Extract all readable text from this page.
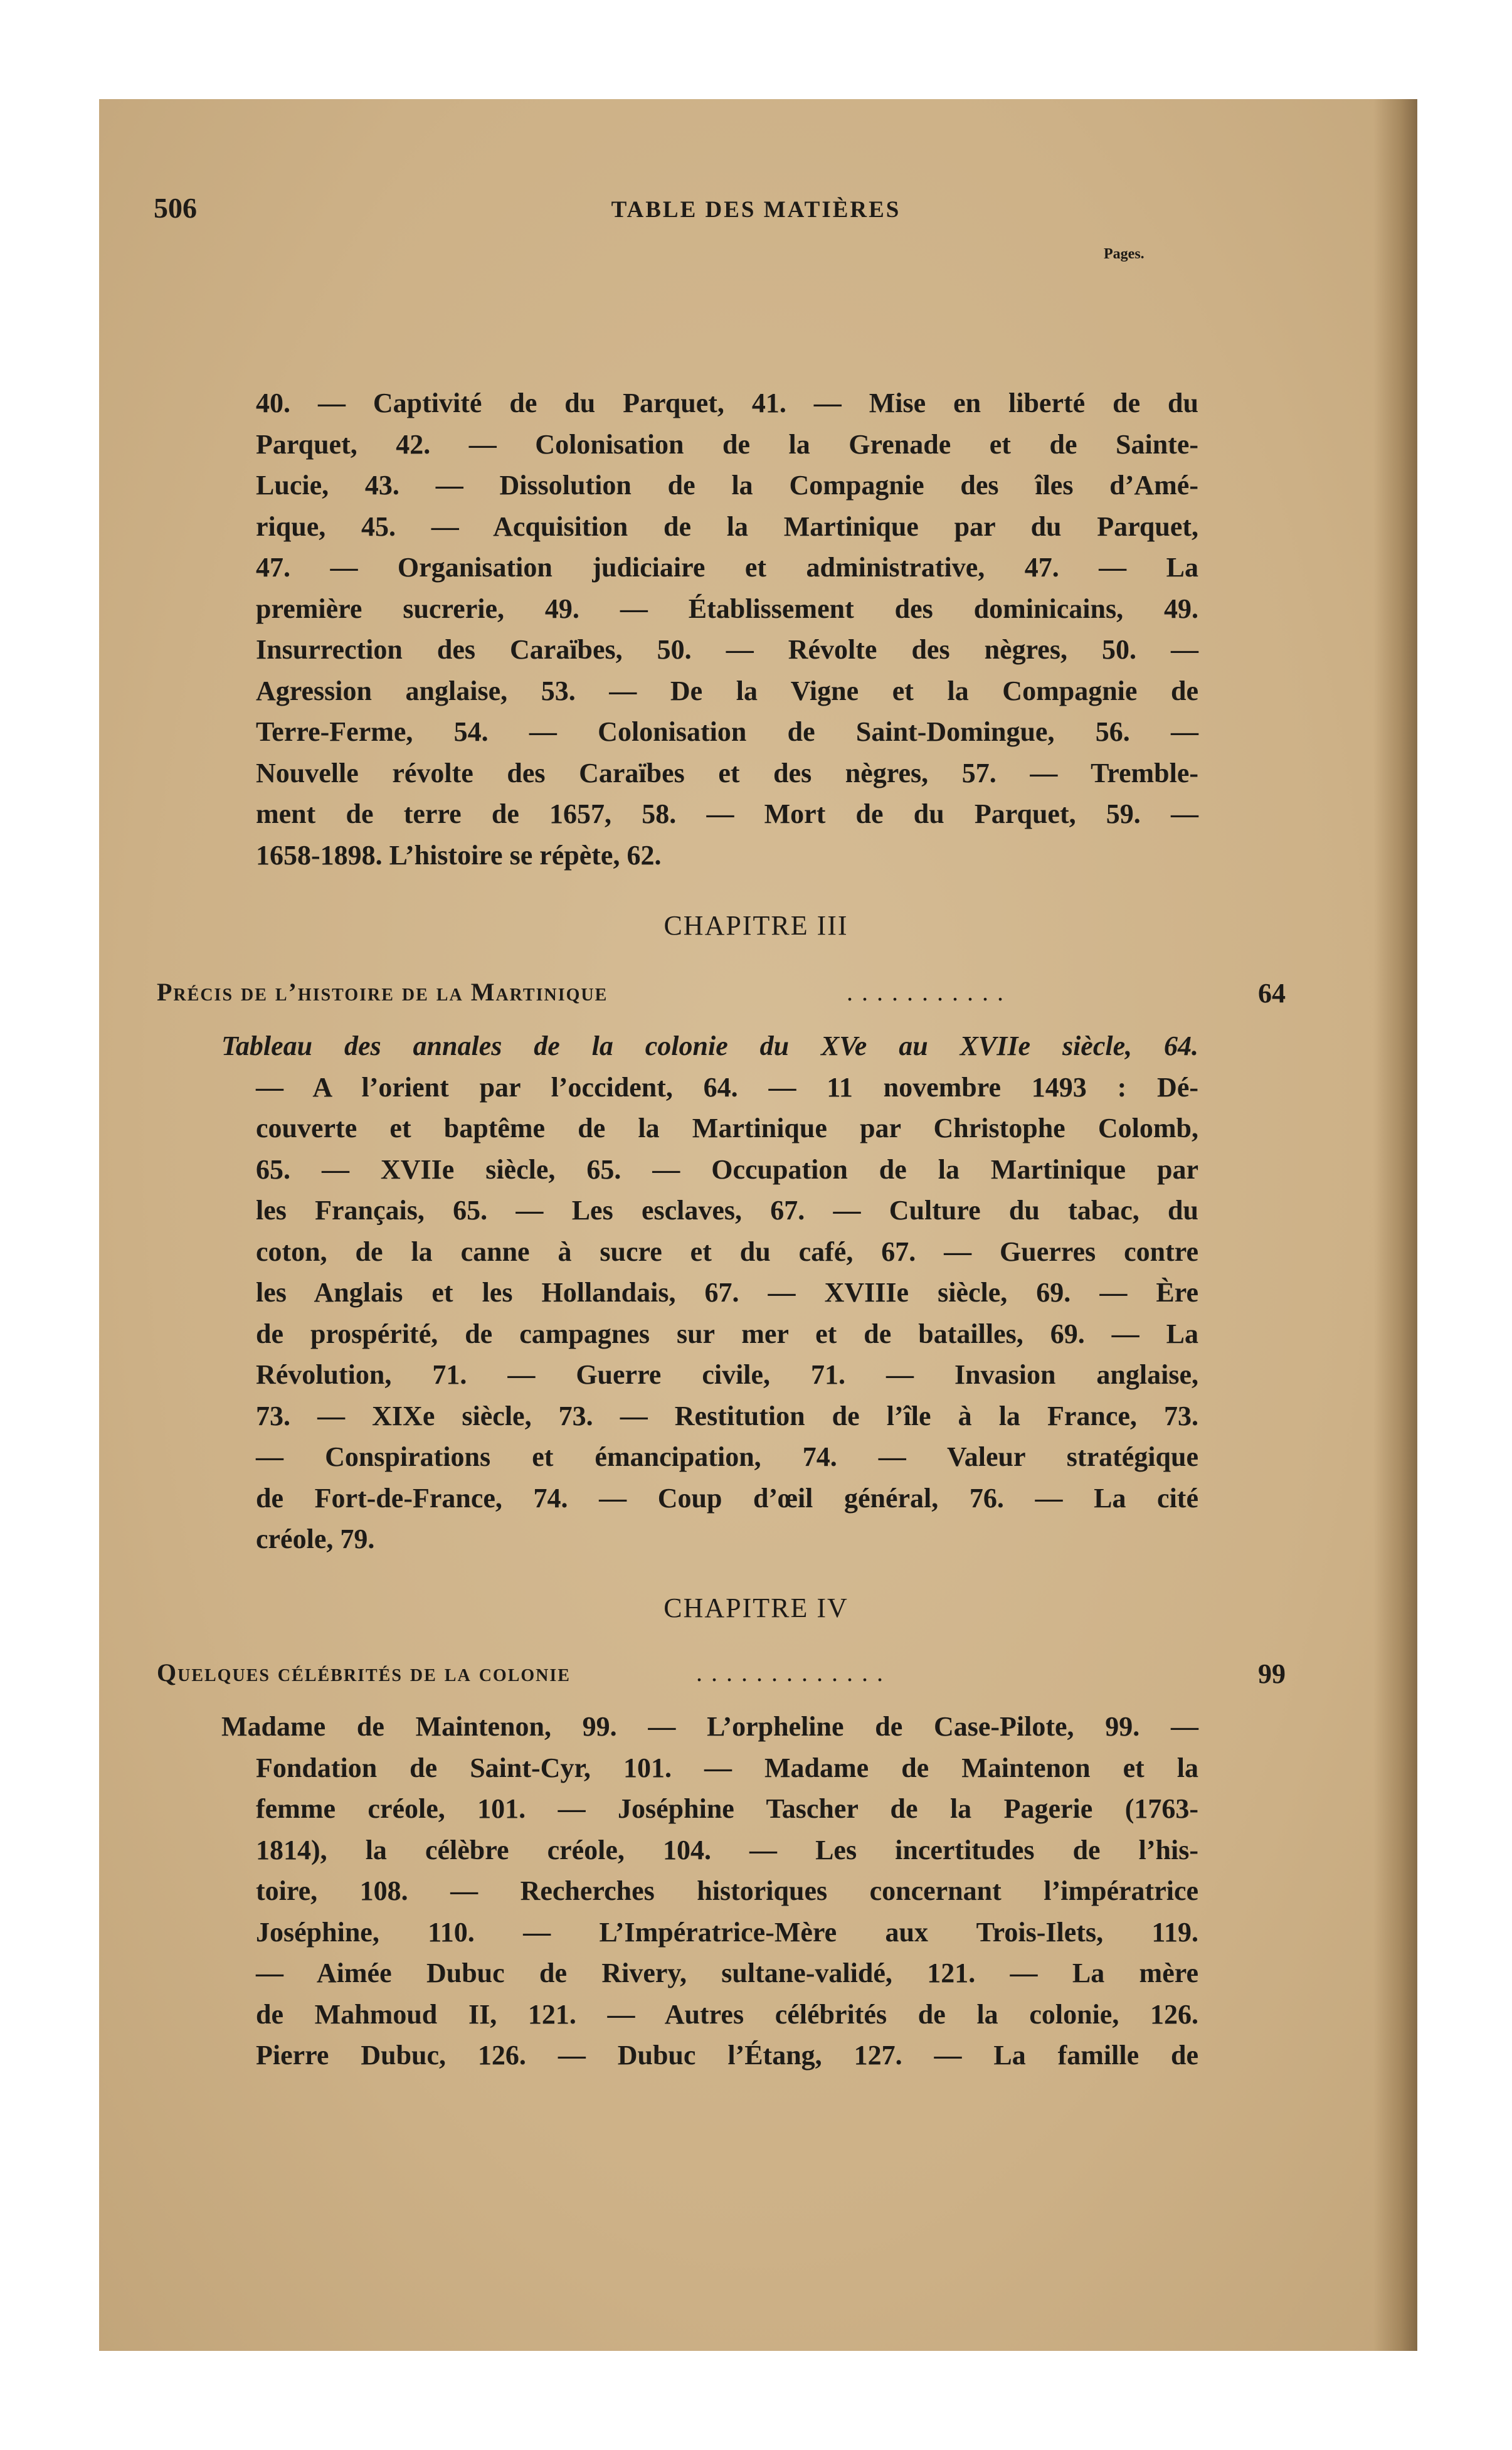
506	TABLE DES MATIÈRES
Pages.
40. — Captivité de du Parquet, 41. — Mise en liberté de du
Parquet, 42. — Colonisation de la Grenade et de Sainte-
Lucie, 43. — Dissolution de la Compagnie des îles d’Amé-
rique, 45. — Acquisition de la Martinique par du Parquet,
47. — Organisation judiciaire et administrative, 47. — La
première sucrerie, 49. — Établissement des dominicains, 49.
Insurrection des Caraïbes, 50. — Révolte des nègres, 50. —
Agression anglaise, 53. — De la Vigne et la Compagnie de
Terre-Ferme, 54. — Colonisation de Saint-Domingue, 56. —
Nouvelle révolte des Caraïbes et des nègres, 57. — Tremble-
ment de terre de 1657, 58. — Mort de du Parquet, 59. —
1658-1898. L’histoire se répète, 62.
CHAPITRE III
Précis de l’histoire de la Martinique	...........	64
Tableau des annales de la colonie du XVe au XVIIe siècle, 64.
— A l’orient par l’occident, 64. — 11 novembre 1493 : Dé-
couverte et baptême de la Martinique par Christophe Colomb,
65. — XVIIe siècle, 65. — Occupation de la Martinique par
les Français, 65. — Les esclaves, 67. — Culture du tabac, du
coton, de la canne à sucre et du café, 67. — Guerres contre
les Anglais et les Hollandais, 67. — XVIIIe siècle, 69. — Ère
de prospérité, de campagnes sur mer et de batailles, 69. — La
Révolution, 71. — Guerre civile, 71. — Invasion anglaise,
73. — XIXe siècle, 73. — Restitution de l’île à la France, 73.
— Conspirations et émancipation, 74. — Valeur stratégique
de Fort-de-France, 74. — Coup d’œil général, 76. — La cité
créole, 79.
CHAPITRE IV
Quelques célébrités de la colonie	.............	99
Madame de Maintenon, 99. — L’orpheline de Case-Pilote, 99. —
Fondation de Saint-Cyr, 101. — Madame de Maintenon et la
femme créole, 101. — Joséphine Tascher de la Pagerie (1763-
1814), la célèbre créole, 104. — Les incertitudes de l’his-
toire, 108. — Recherches historiques concernant l’impératrice
Joséphine, 110. — L’Impératrice-Mère aux Trois-Ilets, 119.
— Aimée Dubuc de Rivery, sultane-validé, 121. — La mère
de Mahmoud II, 121. — Autres célébrités de la colonie, 126.
Pierre Dubuc, 126. — Dubuc l’Étang, 127. — La famille de
